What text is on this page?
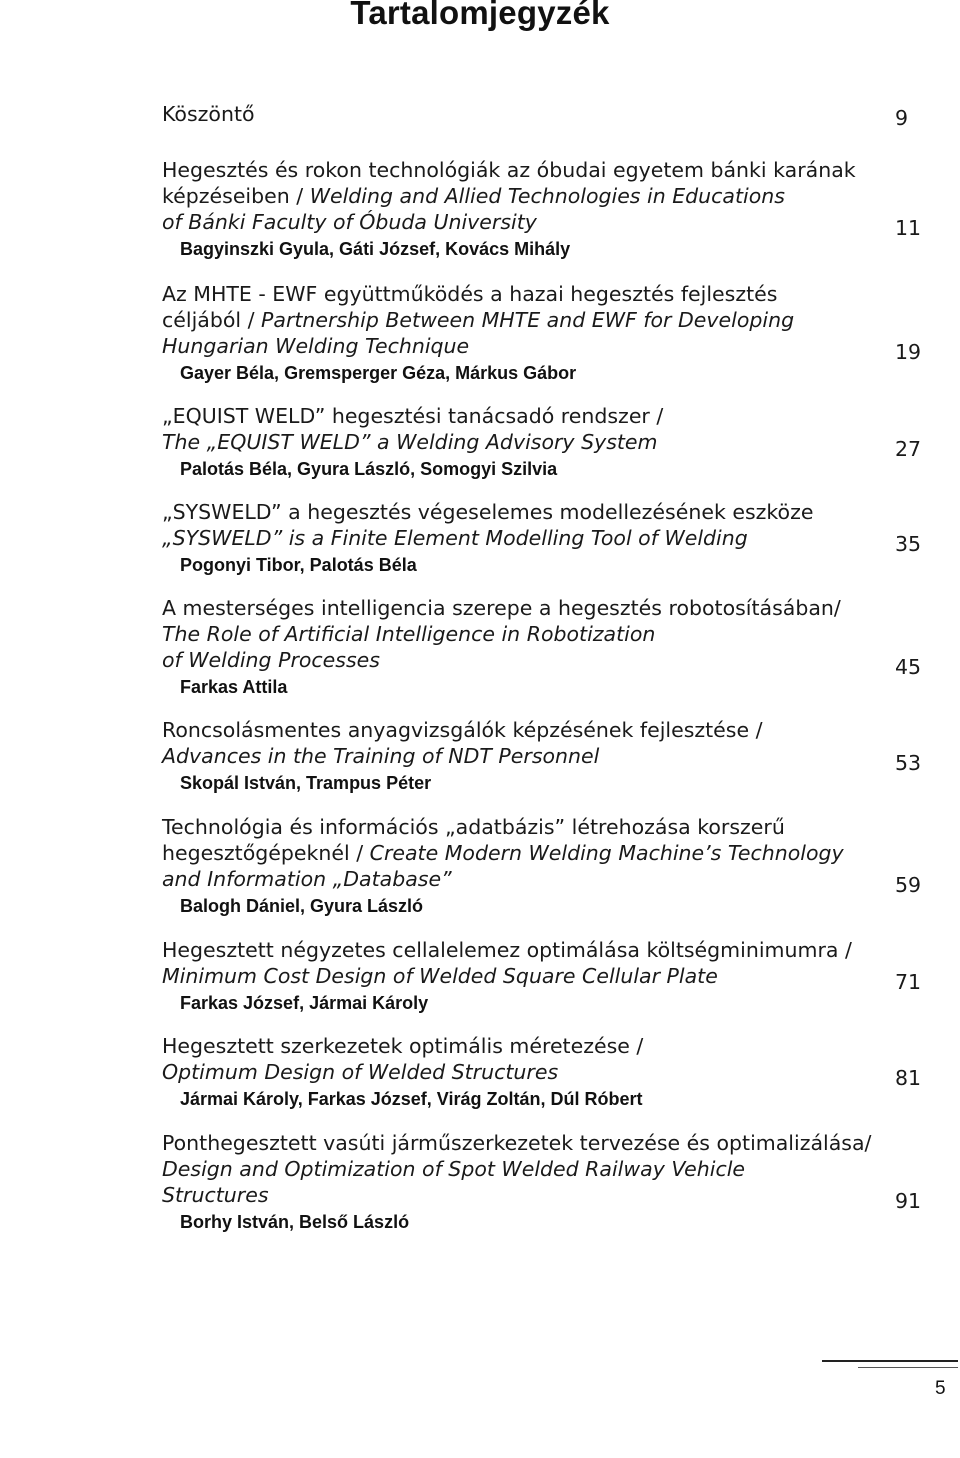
Tartalomjegyzék
Köszöntő	9
Hegesztés és rokon technológiák az óbudai egyetem bánki karának
képzéseiben / Welding and Allied Technologies in Educations
of Bánki Faculty of Óbuda University
Bagyinszki Gyula, Gáti József, Kovács Mihály
11
Az MHTE - EWF együttműködés a hazai hegesztés fejlesztés
céljából / Partnership Between MHTE and EWF for Developing
Hungarian Welding Technique
Gayer Béla, Gremsperger Géza, Márkus Gábor
19
„EQUIST WELD” hegesztési tanácsadó rendszer /
The „EQUIST WELD” a Welding Advisory System
Palotás Béla, Gyura László, Somogyi Szilvia
27
„SYSWELD” a hegesztés végeselemes modellezésének eszköze
„SYSWELD” is a Finite Element Modelling Tool of Welding
Pogonyi Tibor, Palotás Béla
35
A mesterséges intelligencia szerepe a hegesztés robotosításában/
The Role of Artificial Intelligence in Robotization
of Welding Processes
Farkas Attila
45
Roncsolásmentes anyagvizsgálók képzésének fejlesztése /
Advances in the Training of NDT Personnel
Skopál István, Trampus Péter
53
Technológia és információs „adatbázis” létrehozása korszerű
hegesztőgépeknél / Create Modern Welding Machine’s Technology
and Information „Database”
Balogh Dániel, Gyura László
59
Hegesztett négyzetes cellalelemez optimálása költségminimumra /
Minimum Cost Design of Welded Square Cellular Plate
Farkas József, Jármai Károly
71
Hegesztett szerkezetek optimális méretezése /
Optimum Design of Welded Structures
Jármai Károly, Farkas József, Virág Zoltán, Dúl Róbert
81
Ponthegesztett vasúti járműszerkezetek tervezése és optimalizálása/
Design and Optimization of Spot Welded Railway Vehicle
Structures
Borhy István, Belső László
91
5
